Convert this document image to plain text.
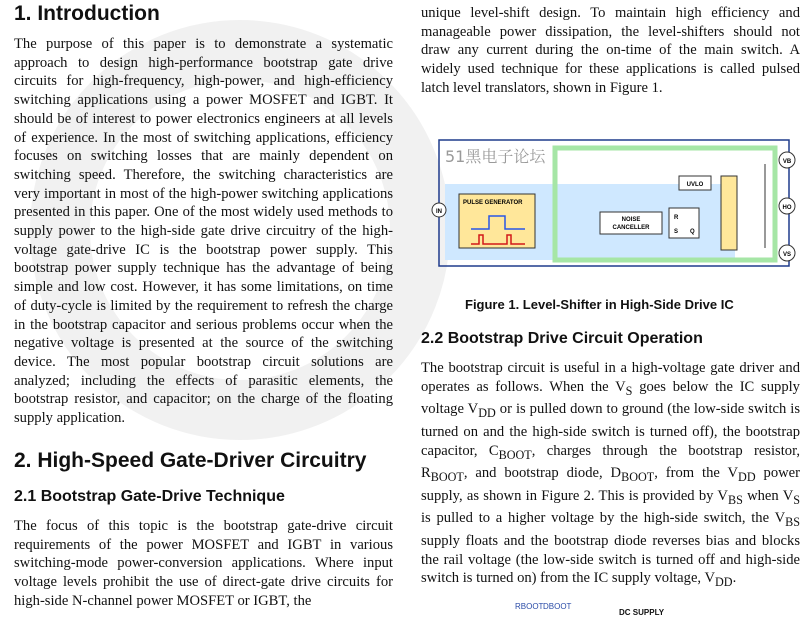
1. Introduction

The purpose of this paper is to demonstrate a systematic approach to design high-performance bootstrap gate drive circuits for high-frequency, high-power, and high-efficiency switching applications using a power MOSFET and IGBT. It should be of interest to power electronics engineers at all levels of experience. In the most of switching applications, efficiency focuses on switching losses that are mainly dependent on switching speed. Therefore, the switching characteristics are very important in most of the high-power switching applications presented in this paper. One of the most widely used methods to supply power to the high-side gate drive circuitry of the high-voltage gate-drive IC is the bootstrap power supply. This bootstrap power supply technique has the advantage of being simple and low cost. However, it has some limitations, on time of duty-cycle is limited by the requirement to refresh the charge in the bootstrap capacitor and serious problems occur when the negative voltage is presented at the source of the switching device. The most popular bootstrap circuit solutions are analyzed; including the effects of parasitic elements, the bootstrap resistor, and capacitor; on the charge of the floating supply application.

2. High-Speed Gate-Driver Circuitry
2.1 Bootstrap Gate-Drive Technique

The focus of this topic is the bootstrap gate-drive circuit requirements of the power MOSFET and IGBT in various switching-mode power-conversion applications. Where input voltage levels prohibit the use of direct-gate drive circuits for high-side N-channel power MOSFET or IGBT, the

unique level-shift design. To maintain high efficiency and manageable power dissipation, the level-shifters should not draw any current during the on-time of the main switch. A widely used technique for these applications is called pulsed latch level translators, shown in Figure 1.

PULSE GENERATOR
NOISE
CANCELLER
R
S Q
UVLO
IN
VB
HO
VS
51黑电子论坛
Figure 1. Level-Shifter in High-Side Drive IC
2.2 Bootstrap Drive Circuit Operation

The bootstrap circuit is useful in a high-voltage gate driver and operates as follows. When the $V_S$ goes below the IC supply voltage $V_{DD}$ or is pulled down to ground (the low-side switch is turned on and the high-side switch is turned off), the bootstrap capacitor, $C_{BOOT}$, charges through the bootstrap resistor, $R_{BOOT}$, and bootstrap diode, $D_{BOOT}$, from the $V_{DD}$ power supply, as shown in Figure 2. This is provided by $V_{BS}$ when $V_S$ is pulled to a higher voltage by the high-side switch, the $V_{BS}$ supply floats and the bootstrap diode reverses bias and blocks the rail voltage (the low-side switch is turned off and high-side switch is turned on) from the IC supply voltage, $V_{DD}$.

RBOOT DBOOT
DC SUPPLY
